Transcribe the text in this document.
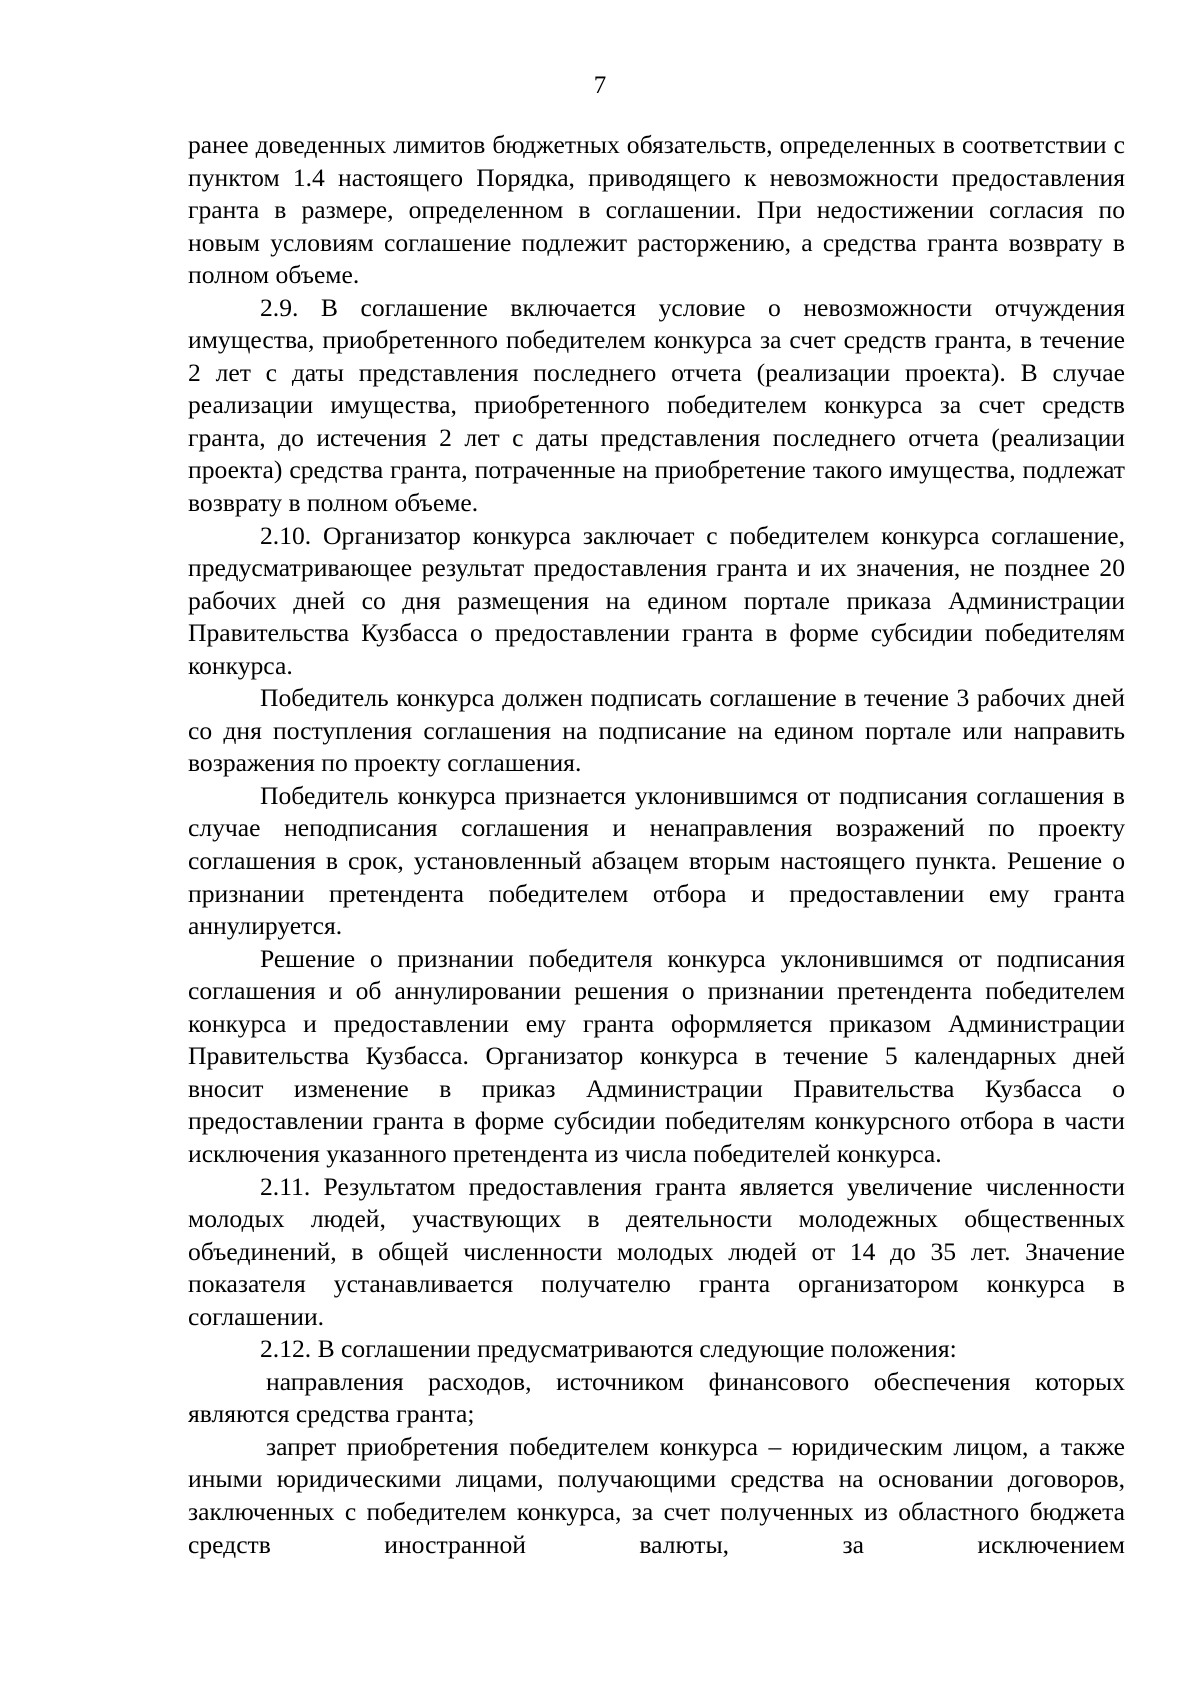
7

ранее доведенных лимитов бюджетных обязательств, определенных в соответствии с пунктом 1.4 настоящего Порядка, приводящего к невозможности предоставления гранта в размере, определенном в соглашении. При недостижении согласия по новым условиям соглашение подлежит расторжению, а средства гранта возврату в полном объеме.

2.9. В соглашение включается условие о невозможности отчуждения имущества, приобретенного победителем конкурса за счет средств гранта, в течение 2 лет с даты представления последнего отчета (реализации проекта). В случае реализации имущества, приобретенного победителем конкурса за счет средств гранта, до истечения 2 лет с даты представления последнего отчета (реализации проекта) средства гранта, потраченные на приобретение такого имущества, подлежат возврату в полном объеме.

2.10. Организатор конкурса заключает с победителем конкурса соглашение, предусматривающее результат предоставления гранта и их значения, не позднее 20 рабочих дней со дня размещения на едином портале приказа Администрации Правительства Кузбасса о предоставлении гранта в форме субсидии победителям конкурса.

Победитель конкурса должен подписать соглашение в течение 3 рабочих дней со дня поступления соглашения на подписание на едином портале или направить возражения по проекту соглашения.

Победитель конкурса признается уклонившимся от подписания соглашения в случае неподписания соглашения и ненаправления возражений по проекту соглашения в срок, установленный абзацем вторым настоящего пункта. Решение о признании претендента победителем отбора и предоставлении ему гранта аннулируется.

Решение о признании победителя конкурса уклонившимся от подписания соглашения и об аннулировании решения о признании претендента победителем конкурса и предоставлении ему гранта оформляется приказом Администрации Правительства Кузбасса. Организатор конкурса в течение 5 календарных дней вносит изменение в приказ Администрации Правительства Кузбасса о предоставлении гранта в форме субсидии победителям конкурсного отбора в части исключения указанного претендента из числа победителей конкурса.

2.11. Результатом предоставления гранта является увеличение численности молодых людей, участвующих в деятельности молодежных общественных объединений, в общей численности молодых людей от 14 до 35 лет. Значение показателя устанавливается получателю гранта организатором конкурса в соглашении.

2.12. В соглашении предусматриваются следующие положения:

направления расходов, источником финансового обеспечения которых являются средства гранта;

запрет приобретения победителем конкурса – юридическим лицом, а также иными юридическими лицами, получающими средства на основании договоров, заключенных с победителем конкурса, за счет полученных из областного бюджета средств иностранной валюты, за исключением
